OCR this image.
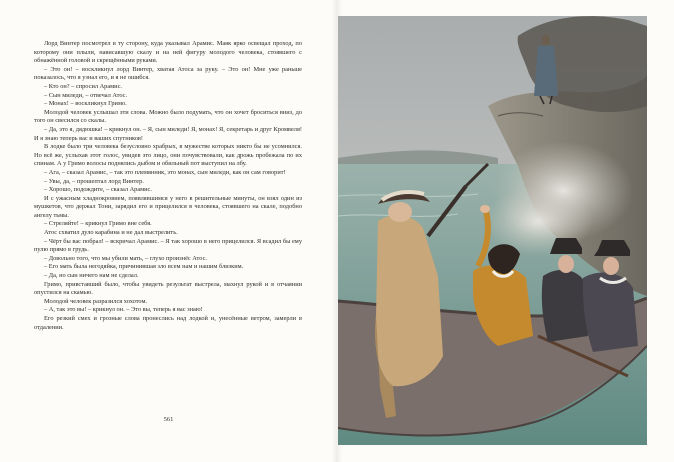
Лорд Винтер посмотрел в ту сторону, куда указывал Арамис. Маяк ярко освещал проход, по которому они плыли, нависавшую скалу и на ней фигуру молодого человека, стоявшего с обнажённой головой и скрещёнными руками.

– Это он! – воскликнул лорд Винтер, хватая Атоса за руку. – Это он! Мне уже раньше показалось, что я узнал его, и я не ошибся.

– Кто он? – спросил Арамис.

– Сын миледи, – отвечал Атос.

– Монах! – воскликнул Гримо.

Молодой человек услышал эти слова. Можно было подумать, что он хочет броситься вниз, до того он свесился со скалы.

– Да, это я, дядюшка! – крикнул он. – Я, сын миледи! Я, монах! Я, секретарь и друг Кромвеля! И я знаю теперь вас и ваших спутников!

В лодке было три человека безусловно храбрых, в мужестве которых никто бы не усомнился. Но всё же, услыхав этот голос, увидев это лицо, они почувствовали, как дрожь пробежала по их спинам. А у Гримо волосы поднялись дыбом и обильный пот выступил на лбу.

– Ага, – сказал Арамис, – так это племянник, это монах, сын миледи, как он сам говорит!

– Увы, да, – прошептал лорд Винтер.

– Хорошо, подождите, – сказал Арамис.

И с ужасным хладнокровием, появлявшимся у него в решительные минуты, он взял один из мушкетов, что держал Тони, зарядил его и прицелился в человека, стоявшего на скале, подобно ангелу тьмы.

– Стреляйте! – крикнул Гримо вне себя.

Атос схватил дуло карабина и не дал выстрелить.

– Чёрт бы вас побрал! – вскричал Арамис. – Я так хорошо в него прицелился. Я всадил бы ему пулю прямо в грудь.

– Довольно того, что мы убили мать, – глухо произнёс Атос.

– Его мать была негодяйка, причинившая зло всем нам и нашим близким.

– Да, но сын ничего нам не сделал.

Гримо, привставший было, чтобы увидеть результат выстрела, махнул рукой и в отчаянии опустился на скамью.

Молодой человек разразился хохотом.

– А, так это вы! – крикнул он. – Это вы, теперь я вас знаю!

Его резкий смех и грозные слова пронеслись над лодкой и, унесённые ветром, замерли в отдалении.

561
